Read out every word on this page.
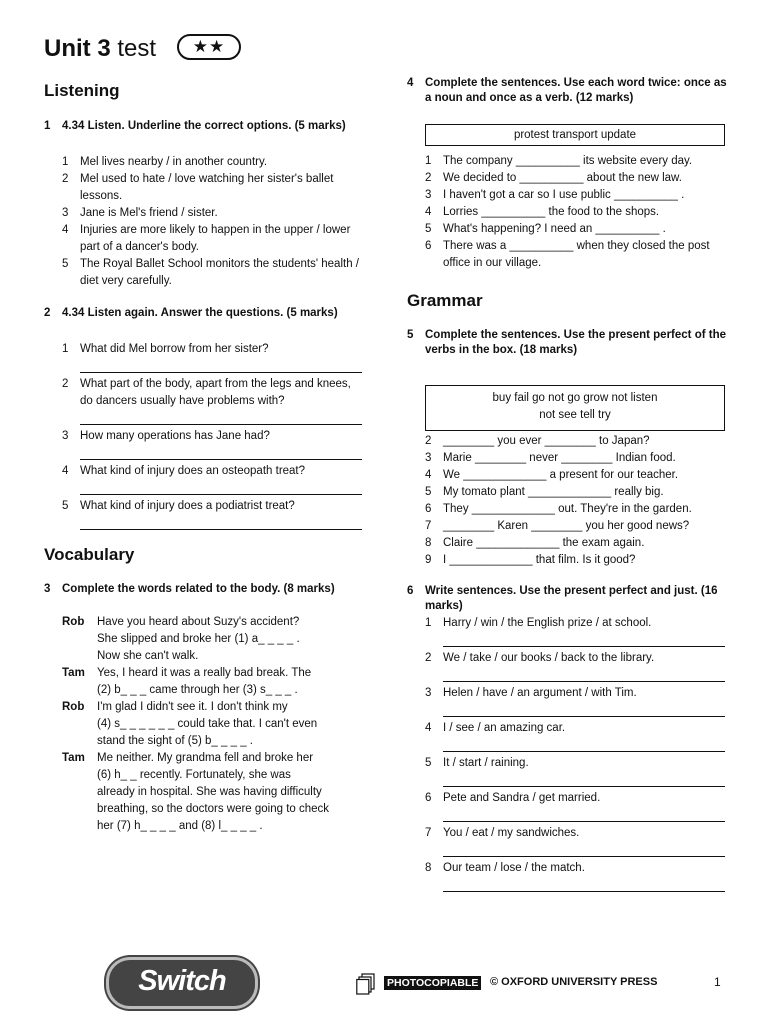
Unit 3 test ★★
Listening
1 4.34 Listen. Underline the correct options. (5 marks)
1 Mel lives nearby / in another country.
2 Mel used to hate / love watching her sister's ballet lessons.
3 Jane is Mel's friend / sister.
4 Injuries are more likely to happen in the upper / lower part of a dancer's body.
5 The Royal Ballet School monitors the students' health / diet very carefully.
2 4.34 Listen again. Answer the questions. (5 marks)
1 What did Mel borrow from her sister?
2 What part of the body, apart from the legs and knees, do dancers usually have problems with?
3 How many operations has Jane had?
4 What kind of injury does an osteopath treat?
5 What kind of injury does a podiatrist treat?
Vocabulary
3 Complete the words related to the body. (8 marks)
Rob Have you heard about Suzy's accident?
She slipped and broke her (1) a_ _ _ _ .
Now she can't walk.
Tam Yes, I heard it was a really bad break. The
(2) b_ _ _ came through her (3) s_ _ _ .
Rob I'm glad I didn't see it. I don't think my
(4) s_ _ _ _ _ _ could take that. I can't even
stand the sight of (5) b_ _ _ _ .
Tam Me neither. My grandma fell and broke her
(6) h_ _ recently. Fortunately, she was
already in hospital. She was having difficulty
breathing, so the doctors were going to check
her (7) h_ _ _ _ and (8) l_ _ _ _ .
4 Complete the sentences. Use each word twice: once as a noun and once as a verb. (12 marks)
protest transport update
1 The company __________ its website every day.
2 We decided to __________ about the new law.
3 I haven't got a car so I use public __________ .
4 Lorries __________ the food to the shops.
5 What's happening? I need an __________ .
6 There was a __________ when they closed the post office in our village.
Grammar
5 Complete the sentences. Use the present perfect of the verbs in the box. (18 marks)
buy fail go not go grow not listen
not see tell try
2 ________ you ever ________ to Japan?
3 Marie ________ never ________ Indian food.
4 We _____________ a present for our teacher.
5 My tomato plant _____________ really big.
6 They _____________ out. They're in the garden.
7 ________ Karen ________ you her good news?
8 Claire _____________ the exam again.
9 I _____________ that film. Is it good?
6 Write sentences. Use the present perfect and just. (16 marks)
1 Harry / win / the English prize / at school.
2 We / take / our books / back to the library.
3 Helen / have / an argument / with Tim.
4 I / see / an amazing car.
5 It / start / raining.
6 Pete and Sandra / get married.
7 You / eat / my sandwiches.
8 Our team / lose / the match.
Switch	PHOTOCOPIABLE © OXFORD UNIVERSITY PRESS	1
